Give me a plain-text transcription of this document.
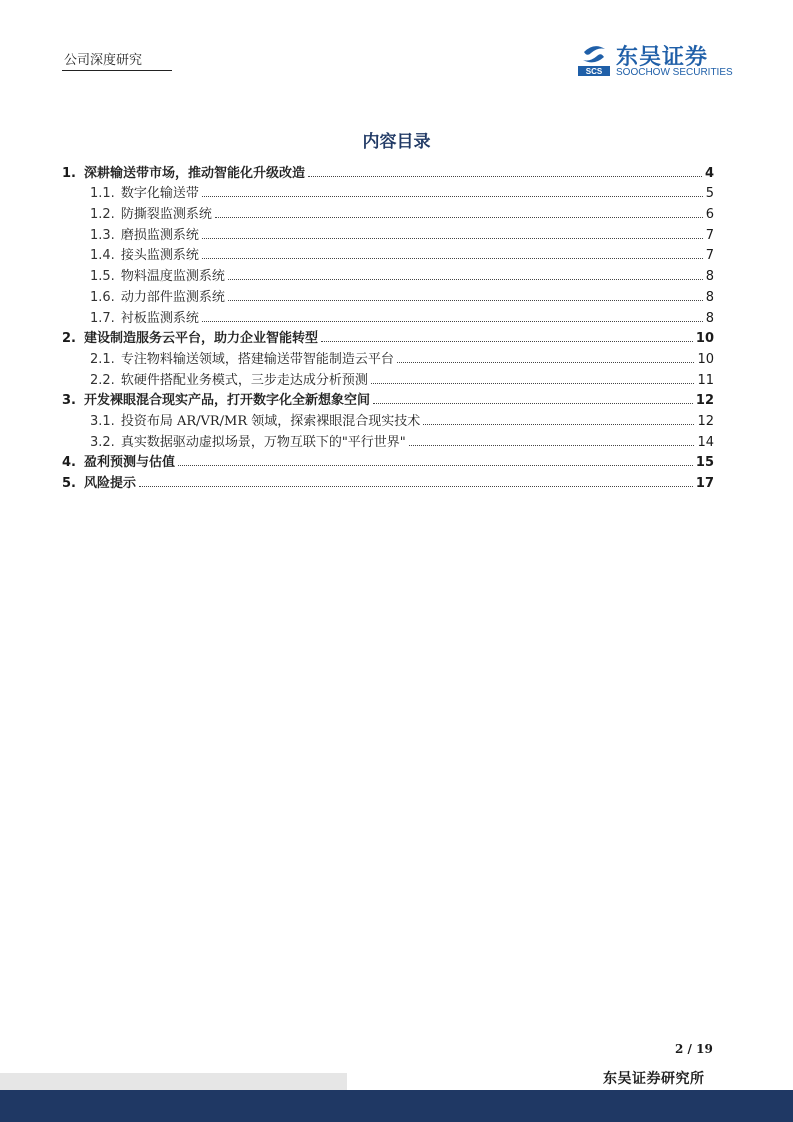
公司深度研究
SCS
东吴证券
SOOCHOW SECURITIES
内容目录
1. 深耕输送带市场，推动智能化升级改造	4
1.1. 数字化输送带	5
1.2. 防撕裂监测系统	6
1.3. 磨损监测系统	7
1.4. 接头监测系统	7
1.5. 物料温度监测系统	8
1.6. 动力部件监测系统	8
1.7. 衬板监测系统	8
2. 建设制造服务云平台，助力企业智能转型	10
2.1. 专注物料输送领域，搭建输送带智能制造云平台	10
2.2. 软硬件搭配业务模式，三步走达成分析预测	11
3. 开发裸眼混合现实产品，打开数字化全新想象空间	12
3.1. 投资布局 AR/VR/MR 领域，探索裸眼混合现实技术	12
3.2. 真实数据驱动虚拟场景，万物互联下的"平行世界"	14
4. 盈利预测与估值	15
5. 风险提示	17
2 / 19
东吴证券研究所
